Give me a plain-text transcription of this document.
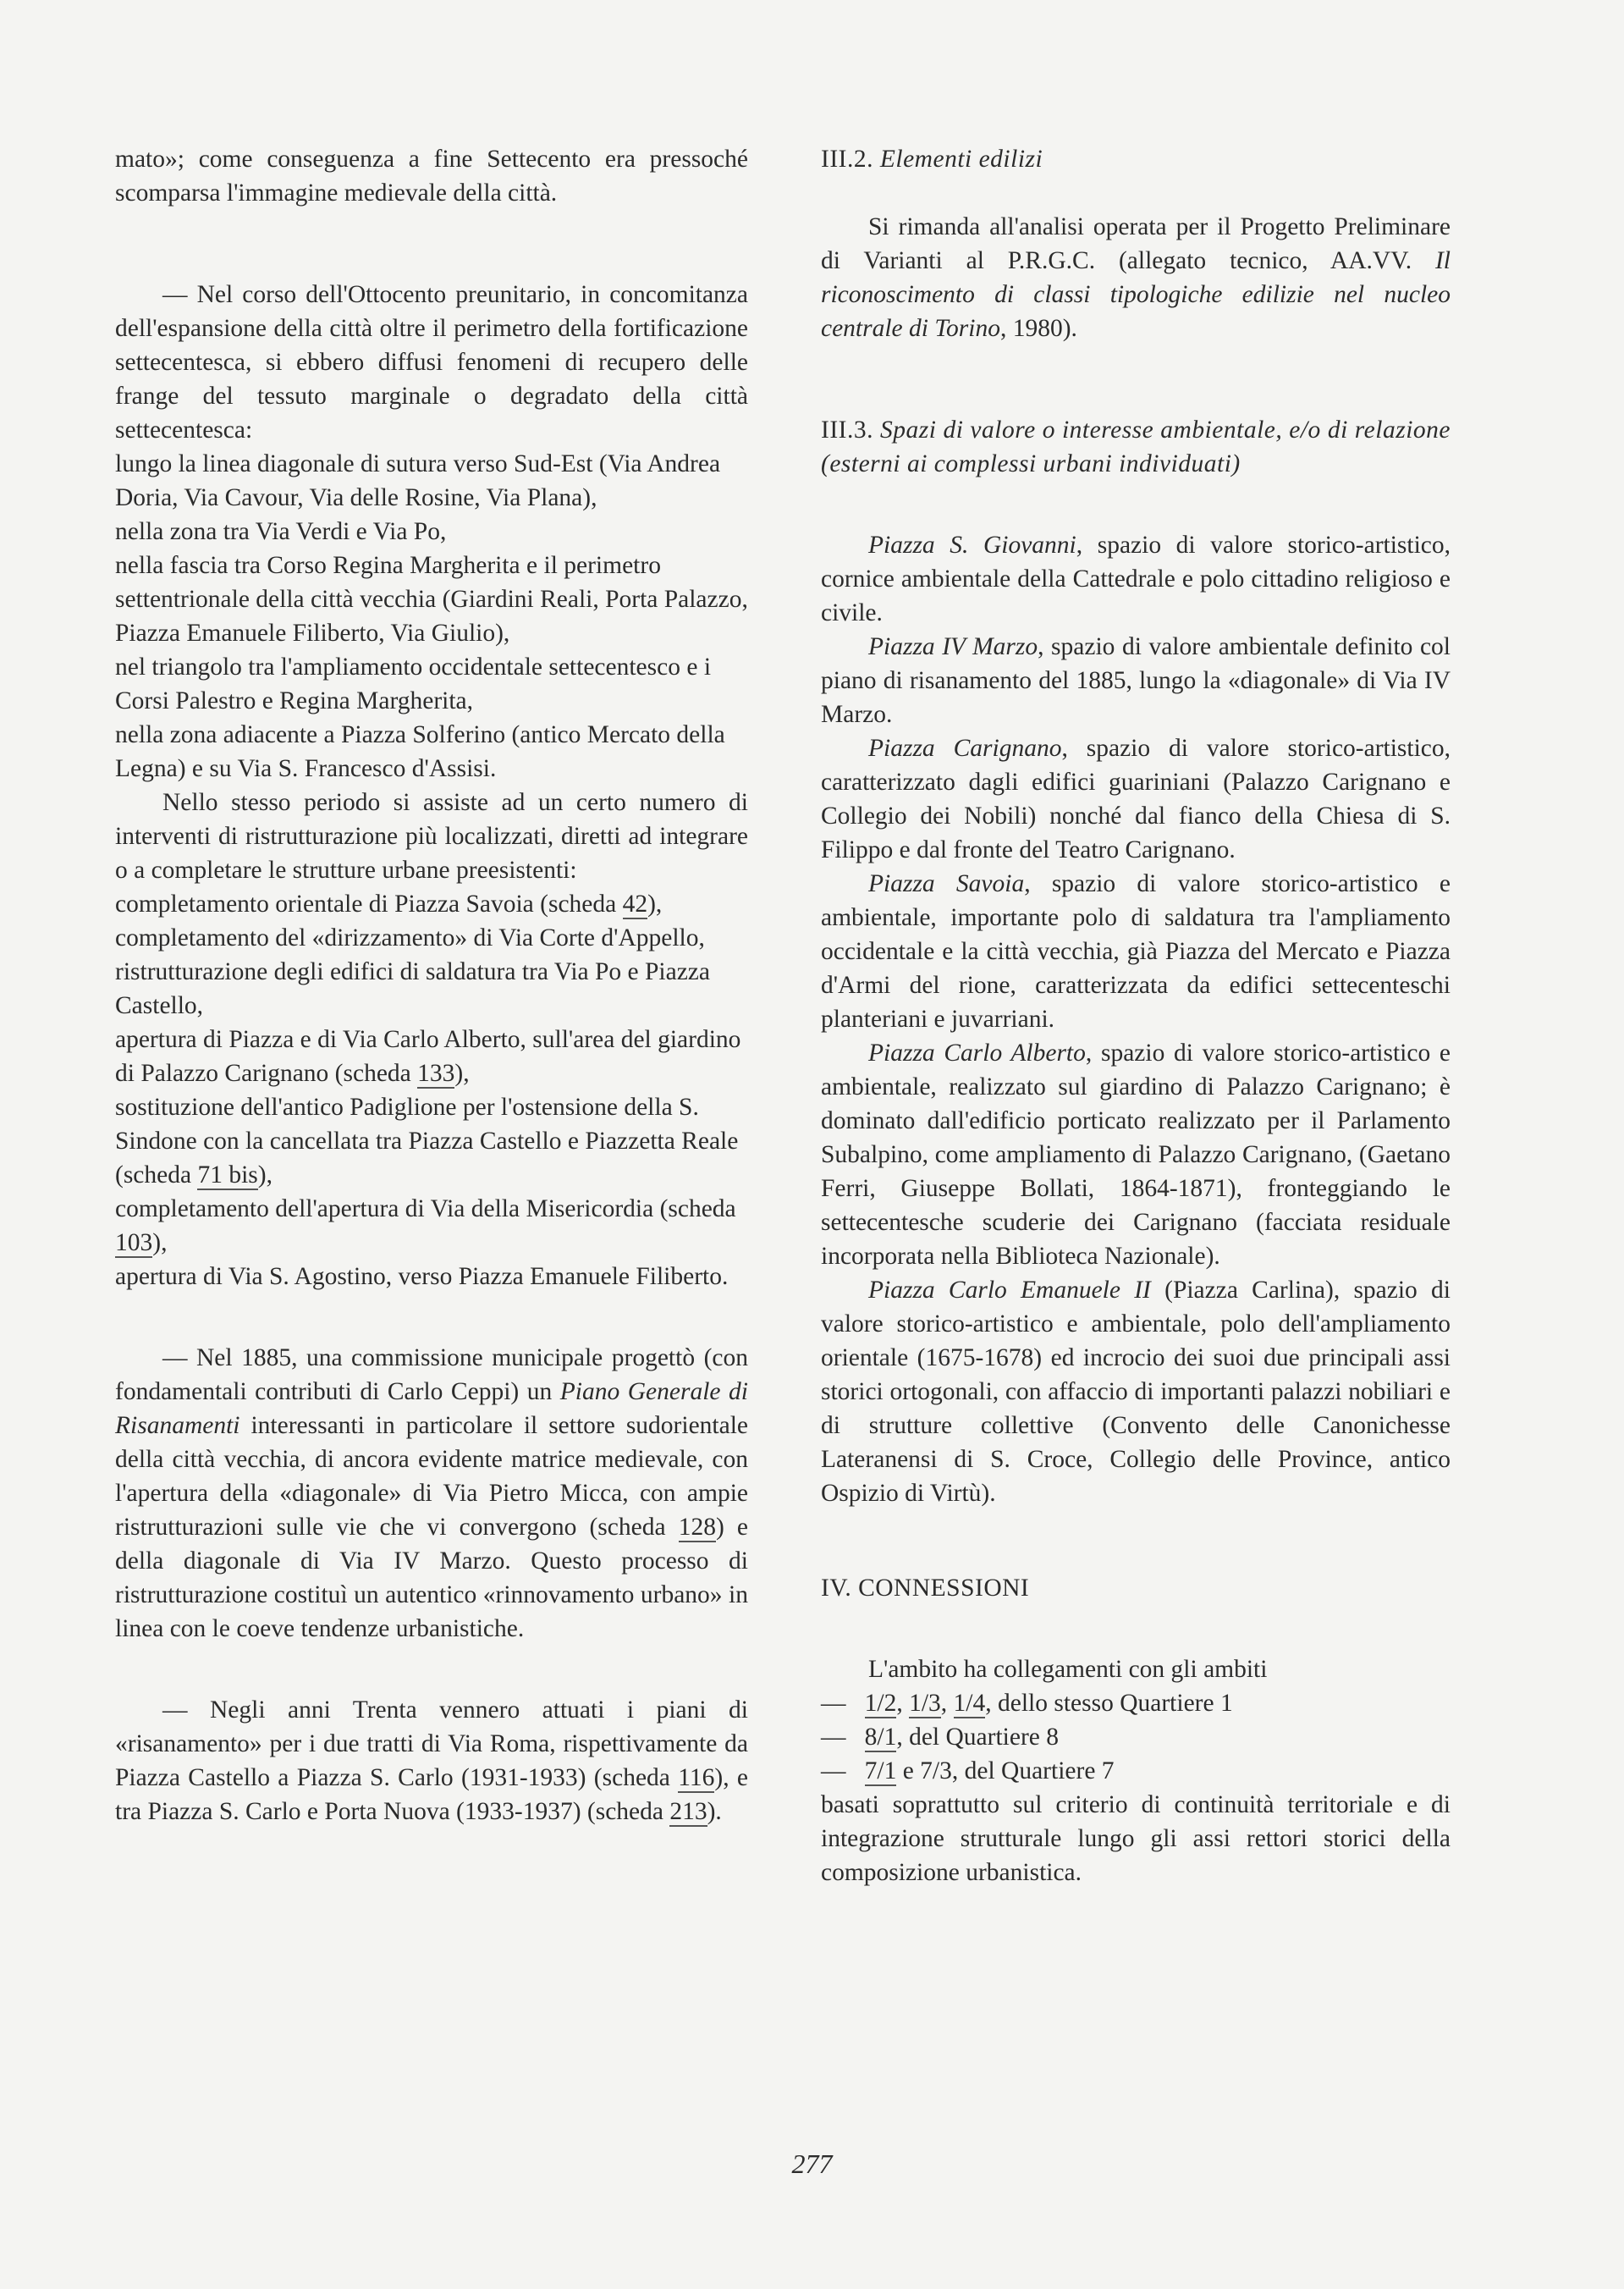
mato»; come conseguenza a fine Settecento era pressoché scomparsa l'immagine medievale della città.

— Nel corso dell'Ottocento preunitario, in concomitanza dell'espansione della città oltre il perimetro della fortificazione settecentesca, si ebbero diffusi fenomeni di recupero delle frange del tessuto marginale o degradato della città settecentesca:

lungo la linea diagonale di sutura verso Sud-Est (Via Andrea Doria, Via Cavour, Via delle Rosine, Via Plana),
nella zona tra Via Verdi e Via Po,
nella fascia tra Corso Regina Margherita e il perimetro settentrionale della città vecchia (Giardini Reali, Porta Palazzo, Piazza Emanuele Filiberto, Via Giulio),
nel triangolo tra l'ampliamento occidentale settecentesco e i Corsi Palestro e Regina Margherita,
nella zona adiacente a Piazza Solferino (antico Mercato della Legna) e su Via S. Francesco d'Assisi.

Nello stesso periodo si assiste ad un certo numero di interventi di ristrutturazione più localizzati, diretti ad integrare o a completare le strutture urbane preesistenti:

completamento orientale di Piazza Savoia (scheda 42),
completamento del «dirizzamento» di Via Corte d'Appello,
ristrutturazione degli edifici di saldatura tra Via Po e Piazza Castello,
apertura di Piazza e di Via Carlo Alberto, sull'area del giardino di Palazzo Carignano (scheda 133),
sostituzione dell'antico Padiglione per l'ostensione della S. Sindone con la cancellata tra Piazza Castello e Piazzetta Reale (scheda 71 bis),
completamento dell'apertura di Via della Misericordia (scheda 103),
apertura di Via S. Agostino, verso Piazza Emanuele Filiberto.

— Nel 1885, una commissione municipale progettò (con fondamentali contributi di Carlo Ceppi) un Piano Generale di Risanamenti interessanti in particolare il settore sudorientale della città vecchia, di ancora evidente matrice medievale, con l'apertura della «diagonale» di Via Pietro Micca, con ampie ristrutturazioni sulle vie che vi convergono (scheda 128) e della diagonale di Via IV Marzo. Questo processo di ristrutturazione costituì un autentico «rinnovamento urbano» in linea con le coeve tendenze urbanistiche.

— Negli anni Trenta vennero attuati i piani di «risanamento» per i due tratti di Via Roma, rispettivamente da Piazza Castello a Piazza S. Carlo (1931-1933) (scheda 116), e tra Piazza S. Carlo e Porta Nuova (1933-1937) (scheda 213).

III.2. Elementi edilizi

Si rimanda all'analisi operata per il Progetto Preliminare di Varianti al P.R.G.C. (allegato tecnico, AA.VV. Il riconoscimento di classi tipologiche edilizie nel nucleo centrale di Torino, 1980).

III.3. Spazi di valore o interesse ambientale, e/o di relazione (esterni ai complessi urbani individuati)

Piazza S. Giovanni, spazio di valore storico-artistico, cornice ambientale della Cattedrale e polo cittadino religioso e civile.

Piazza IV Marzo, spazio di valore ambientale definito col piano di risanamento del 1885, lungo la «diagonale» di Via IV Marzo.

Piazza Carignano, spazio di valore storico-artistico, caratterizzato dagli edifici guariniani (Palazzo Carignano e Collegio dei Nobili) nonché dal fianco della Chiesa di S. Filippo e dal fronte del Teatro Carignano.

Piazza Savoia, spazio di valore storico-artistico e ambientale, importante polo di saldatura tra l'ampliamento occidentale e la città vecchia, già Piazza del Mercato e Piazza d'Armi del rione, caratterizzata da edifici settecenteschi planteriani e juvarriani.

Piazza Carlo Alberto, spazio di valore storico-artistico e ambientale, realizzato sul giardino di Palazzo Carignano; è dominato dall'edificio porticato realizzato per il Parlamento Subalpino, come ampliamento di Palazzo Carignano, (Gaetano Ferri, Giuseppe Bollati, 1864-1871), fronteggiando le settecentesche scuderie dei Carignano (facciata residuale incorporata nella Biblioteca Nazionale).

Piazza Carlo Emanuele II (Piazza Carlina), spazio di valore storico-artistico e ambientale, polo dell'ampliamento orientale (1675-1678) ed incrocio dei suoi due principali assi storici ortogonali, con affaccio di importanti palazzi nobiliari e di strutture collettive (Convento delle Canonichesse Lateranensi di S. Croce, Collegio delle Province, antico Ospizio di Virtù).

IV. CONNESSIONI

L'ambito ha collegamenti con gli ambiti

— 1/2, 1/3, 1/4, dello stesso Quartiere 1
— 8/1, del Quartiere 8
— 7/1 e 7/3, del Quartiere 7

basati soprattutto sul criterio di continuità territoriale e di integrazione strutturale lungo gli assi rettori storici della composizione urbanistica.

277
